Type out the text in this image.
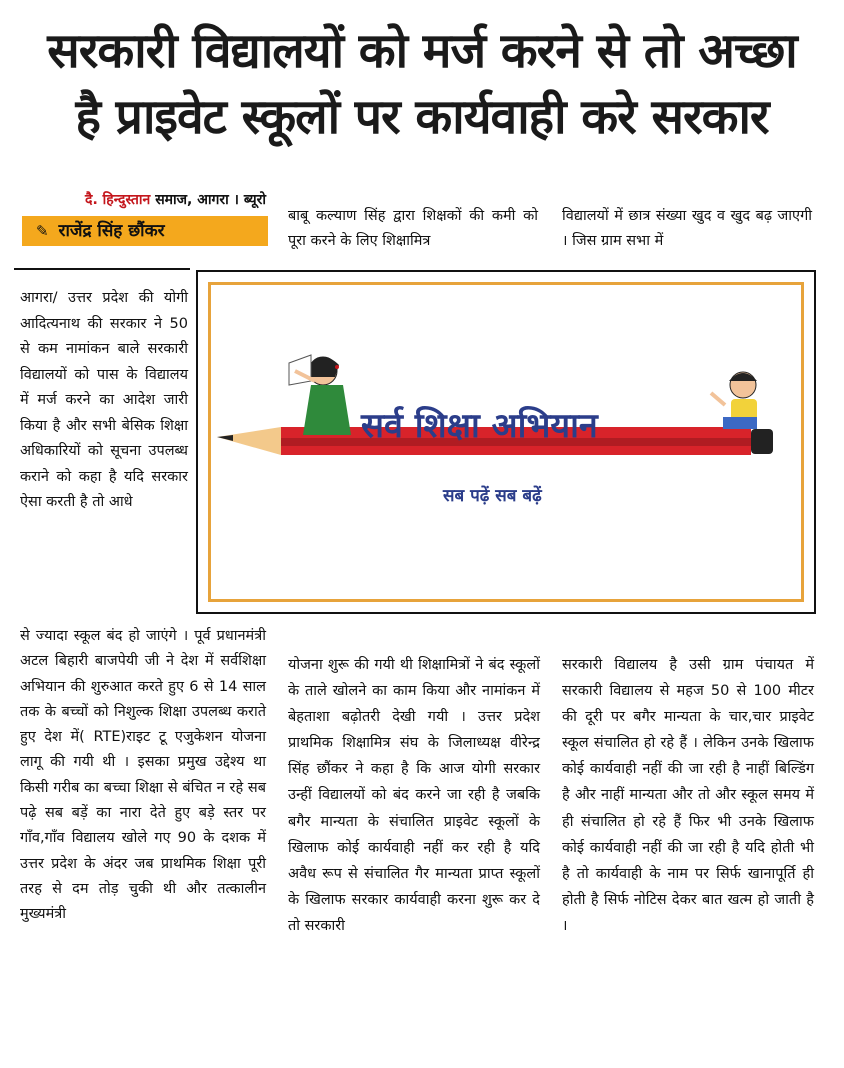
सरकारी विद्यालयों को मर्ज करने से तो अच्छा
है प्राइवेट स्कूलों पर कार्यवाही करे सरकार
दै. हिन्दुस्तान समाज, आगरा । ब्यूरो
✎ राजेंद्र सिंह छौंकर
बाबू कल्याण सिंह द्वारा शिक्षकों की कमी को पूरा करने के लिए शिक्षामित्र
विद्यालयों में छात्र संख्या खुद व खुद बढ़ जाएगी । जिस ग्राम सभा में
आगरा/ उत्तर प्रदेश की योगी आदित्यनाथ की सरकार ने 50 से कम नामांकन बाले सरकारी विद्यालयों को पास के विद्यालय में मर्ज करने का आदेश जारी किया है और सभी बेसिक शिक्षा अधिकारियों को सूचना उपलब्ध कराने को कहा है यदि सरकार ऐसा करती है तो आधे
सर्व शिक्षा अभियान
सब पढ़ें सब बढ़ें
से ज्यादा स्कूल बंद हो जाएंगे । पूर्व प्रधानमंत्री अटल बिहारी बाजपेयी जी ने देश में सर्वशिक्षा अभियान की शुरुआत करते हुए 6 से 14 साल तक के बच्चों को निशुल्क शिक्षा उपलब्ध कराते हुए देश में( RTE)राइट टू एजुकेशन योजना लागू की गयी थी । इसका प्रमुख उद्देश्य था किसी गरीब का बच्चा शिक्षा से बंचित न रहे सब पढ़े सब बड़ें का नारा देते हुए बड़े स्तर पर गाँव,गाँव विद्यालय खोले गए 90 के दशक में उत्तर प्रदेश के अंदर जब प्राथमिक शिक्षा पूरी तरह से दम तोड़ चुकी थी और तत्कालीन मुख्यमंत्री
योजना शुरू की गयी थी शिक्षामित्रों ने बंद स्कूलों के ताले खोलने का काम किया और नामांकन में बेहताशा बढ़ोतरी देखी गयी । उत्तर प्रदेश प्राथमिक शिक्षामित्र संघ के जिलाध्यक्ष वीरेन्द्र सिंह छौंकर ने कहा है कि आज योगी सरकार उन्हीं विद्यालयों को बंद करने जा रही है जबकि बगैर मान्यता के संचालित प्राइवेट स्कूलों के खिलाफ कोई कार्यवाही नहीं कर रही है यदि अवैध रूप से संचालित गैर मान्यता प्राप्त स्कूलों के खिलाफ सरकार कार्यवाही करना शुरू कर दे तो सरकारी
सरकारी विद्यालय है उसी ग्राम पंचायत में सरकारी विद्यालय से महज 50 से 100 मीटर की दूरी पर बगैर मान्यता के चार,चार प्राइवेट स्कूल संचालित हो रहे हैं । लेकिन उनके खिलाफ कोई कार्यवाही नहीं की जा रही है नाहीं बिल्डिंग है और नाहीं मान्यता और तो और स्कूल समय में ही संचालित हो रहे हैं फिर भी उनके खिलाफ कोई कार्यवाही नहीं की जा रही है यदि होती भी है तो कार्यवाही के नाम पर सिर्फ खानापूर्ति ही होती है सिर्फ नोटिस देकर बात खत्म हो जाती है ।
